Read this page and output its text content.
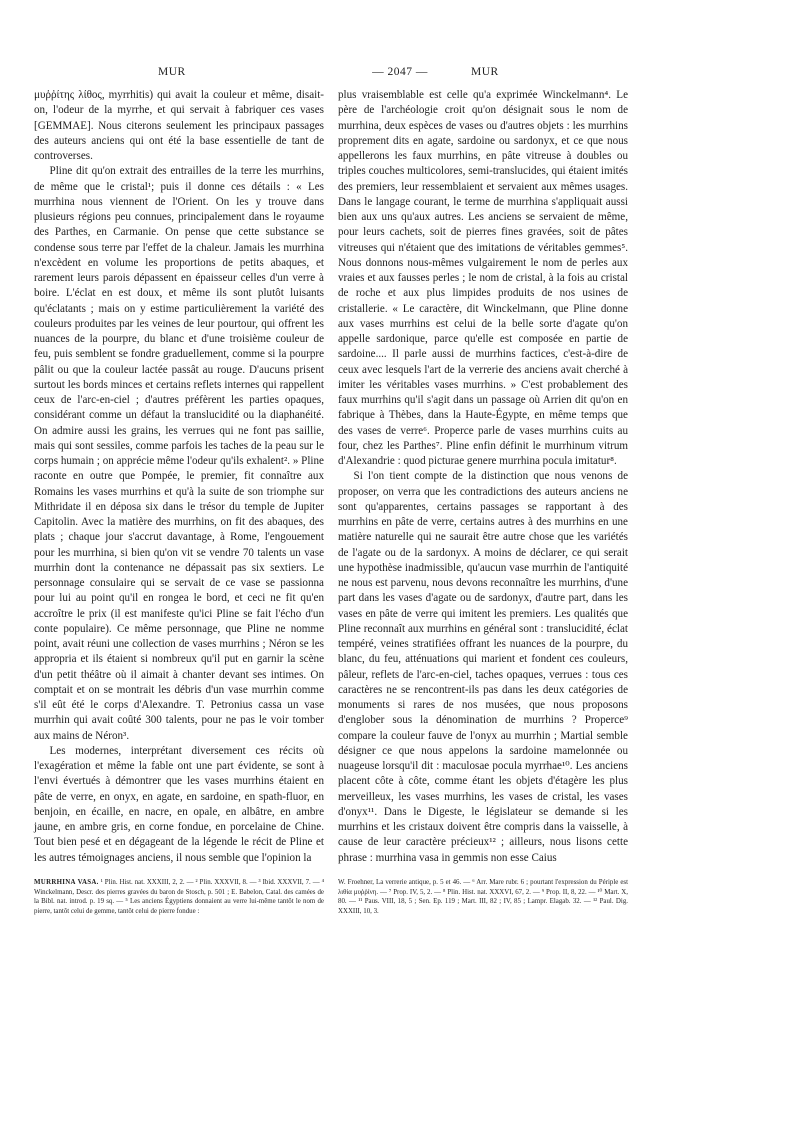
MUR	— 2047 —	MUR

μυῤῥίτης λίθος, myrrhitis) qui avait la couleur et même, disait-on, l'odeur de la myrrhe, et qui servait à fabriquer ces vases [GEMMAE]. Nous citerons seulement les principaux passages des auteurs anciens qui ont été la base essentielle de tant de controverses.

Pline dit qu'on extrait des entrailles de la terre les murrhins, de même que le cristal¹; puis il donne ces détails : « Les murrhina nous viennent de l'Orient. On les y trouve dans plusieurs régions peu connues, principalement dans le royaume des Parthes, en Carmanie. On pense que cette substance se condense sous terre par l'effet de la chaleur. Jamais les murrhina n'excèdent en volume les proportions de petits abaques, et rarement leurs parois dépassent en épaisseur celles d'un verre à boire. L'éclat en est doux, et même ils sont plutôt luisants qu'éclatants ; mais on y estime particulièrement la variété des couleurs produites par les veines de leur pourtour, qui offrent les nuances de la pourpre, du blanc et d'une troisième couleur de feu, puis semblent se fondre graduellement, comme si la pourpre pâlit ou que la couleur lactée passât au rouge. D'aucuns prisent surtout les bords minces et certains reflets internes qui rappellent ceux de l'arc-en-ciel ; d'autres préfèrent les parties opaques, considérant comme un défaut la translucidité ou la diaphanéité. On admire aussi les grains, les verrues qui ne font pas saillie, mais qui sont sessiles, comme parfois les taches de la peau sur le corps humain ; on apprécie même l'odeur qu'ils exhalent². » Pline raconte en outre que Pompée, le premier, fit connaître aux Romains les vases murrhins et qu'à la suite de son triomphe sur Mithridate il en déposa six dans le trésor du temple de Jupiter Capitolin. Avec la matière des murrhins, on fit des abaques, des plats ; chaque jour s'accrut davantage, à Rome, l'engouement pour les murrhina, si bien qu'on vit se vendre 70 talents un vase murrhin dont la contenance ne dépassait pas six sextiers. Le personnage consulaire qui se servait de ce vase se passionna pour lui au point qu'il en rongea le bord, et ceci ne fit qu'en accroître le prix (il est manifeste qu'ici Pline se fait l'écho d'un conte populaire). Ce même personnage, que Pline ne nomme point, avait réuni une collection de vases murrhins ; Néron se les appropria et ils étaient si nombreux qu'il put en garnir la scène d'un petit théâtre où il aimait à chanter devant ses intimes. On comptait et on se montrait les débris d'un vase murrhin comme s'il eût été le corps d'Alexandre. T. Petronius cassa un vase murrhin qui avait coûté 300 talents, pour ne pas le voir tomber aux mains de Néron³.

Les modernes, interprétant diversement ces récits où l'exagération et même la fable ont une part évidente, se sont à l'envi évertués à démontrer que les vases murrhins étaient en pâte de verre, en onyx, en agate, en sardoine, en spath-fluor, en benjoin, en écaille, en nacre, en opale, en albâtre, en ambre jaune, en ambre gris, en corne fondue, en porcelaine de Chine. Tout bien pesé et en dégageant de la légende le récit de Pline et les autres témoignages anciens, il nous semble que l'opinion la

plus vraisemblable est celle qu'a exprimée Winckelmann⁴. Le père de l'archéologie croit qu'on désignait sous le nom de murrhina, deux espèces de vases ou d'autres objets : les murrhins proprement dits en agate, sardoine ou sardonyx, et ce que nous appellerons les faux murrhins, en pâte vitreuse à doubles ou triples couches multicolores, semi-translucides, qui étaient imités des premiers, leur ressemblaient et servaient aux mêmes usages. Dans le langage courant, le terme de murrhina s'appliquait aussi bien aux uns qu'aux autres. Les anciens se servaient de même, pour leurs cachets, soit de pierres fines gravées, soit de pâtes vitreuses qui n'étaient que des imitations de véritables gemmes⁵. Nous donnons nous-mêmes vulgairement le nom de perles aux vraies et aux fausses perles ; le nom de cristal, à la fois au cristal de roche et aux plus limpides produits de nos usines de cristallerie. « Le caractère, dit Winckelmann, que Pline donne aux vases murrhins est celui de la belle sorte d'agate qu'on appelle sardonique, parce qu'elle est composée en partie de sardoine.... Il parle aussi de murrhins factices, c'est-à-dire de ceux avec lesquels l'art de la verrerie des anciens avait cherché à imiter les véritables vases murrhins. » C'est probablement des faux murrhins qu'il s'agit dans un passage où Arrien dit qu'on en fabrique à Thèbes, dans la Haute-Égypte, en même temps que des vases de verre⁶. Properce parle de vases murrhins cuits au four, chez les Parthes⁷. Pline enfin définit le murrhinum vitrum d'Alexandrie : quod picturae genere murrhina pocula imitatur⁸.

Si l'on tient compte de la distinction que nous venons de proposer, on verra que les contradictions des auteurs anciens ne sont qu'apparentes, certains passages se rapportant à des murrhins en pâte de verre, certains autres à des murrhins en une matière naturelle qui ne saurait être autre chose que les variétés de l'agate ou de la sardonyx. A moins de déclarer, ce qui serait une hypothèse inadmissible, qu'aucun vase murrhin de l'antiquité ne nous est parvenu, nous devons reconnaître les murrhins, d'une part dans les vases d'agate ou de sardonyx, d'autre part, dans les vases en pâte de verre qui imitent les premiers. Les qualités que Pline reconnaît aux murrhins en général sont : translucidité, éclat tempéré, veines stratifiées offrant les nuances de la pourpre, du blanc, du feu, atténuations qui marient et fondent ces couleurs, pâleur, reflets de l'arc-en-ciel, taches opaques, verrues : tous ces caractères ne se rencontrent-ils pas dans les deux catégories de monuments si rares de nos musées, que nous proposons d'englober sous la dénomination de murrhins ? Properce⁹ compare la couleur fauve de l'onyx au murrhin ; Martial semble désigner ce que nous appelons la sardoine mamelonnée ou nuageuse lorsqu'il dit : maculosae pocula myrrhae¹⁰. Les anciens placent côte à côte, comme étant les objets d'étagère les plus merveilleux, les vases murrhins, les vases de cristal, les vases d'onyx¹¹. Dans le Digeste, le législateur se demande si les murrhins et les cristaux doivent être compris dans la vaisselle, à cause de leur caractère précieux¹² ; ailleurs, nous lisons cette phrase : murrhina vasa in gemmis non esse Caius

MURRHINA VASA. ¹ Plin. Hist. nat. XXXIII, 2, 2. — ² Plin. XXXVII, 8. — ³ Ibid. XXXVII, 7. — ⁴ Winckelmann, Descr. des pierres gravées du baron de Stosch, p. 501 ; E. Babelon, Catal. des camées de la Bibl. nat. introd. p. 19 sq. — ⁵ Les anciens Égyptiens donnaient au verre lui-même tantôt le nom de pierre, tantôt celui de gemme, tantôt celui de pierre fondue :

W. Froehner, La verrerie antique, p. 5 et 46. — ⁶ Arr. Mare rubr. 6 ; pourtant l'expression du Périple est λιθία μυῤῥίνη. — ⁷ Prop. IV, 5, 2. — ⁸ Plin. Hist. nat. XXXVI, 67, 2. — ⁹ Prop. II, 8, 22. — ¹⁰ Mart. X, 80. — ¹¹ Paus. VIII, 18, 5 ; Sen. Ep. 119 ; Mart. III, 82 ; IV, 85 ; Lampr. Elagab. 32. — ¹² Paul. Dig. XXXIII, 10, 3.
